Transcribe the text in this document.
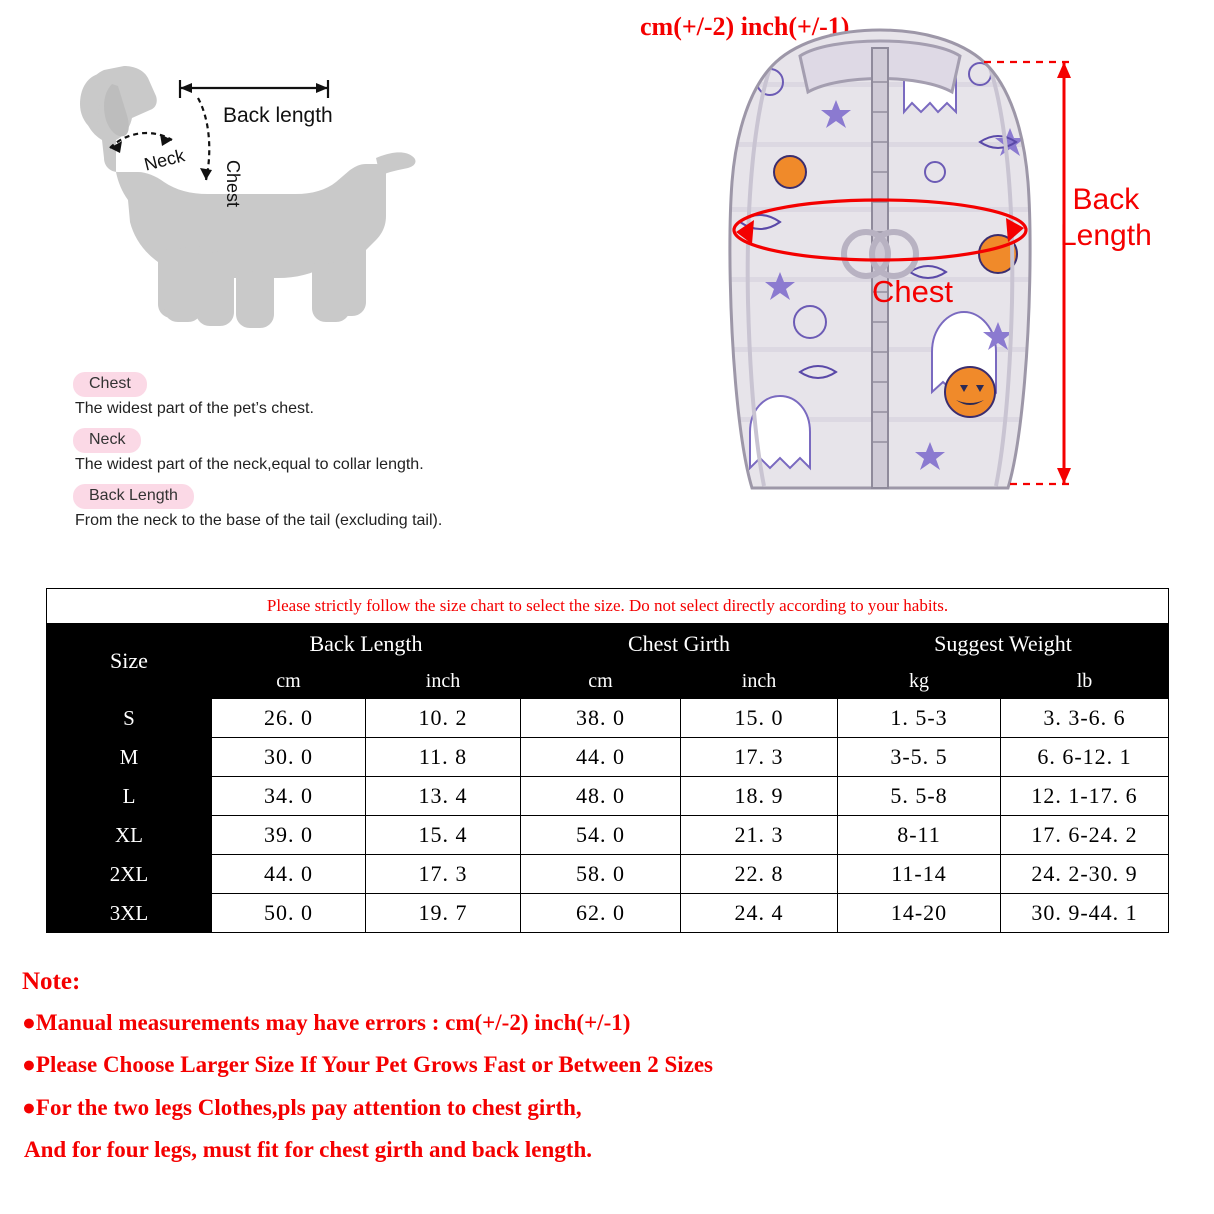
Back length
Neck Chest
Chest
The widest part of the pet’s chest.
Neck
The widest part of the neck,equal to collar length.
Back Length
From the neck to the base of the tail (excluding tail).
Back
Length
Chest
cm(+/-2) inch(+/-1)
Please strictly follow the size chart to select the size. Do not select directly according to your habits.						
Size	Back Length		Chest Girth		Suggest Weight	
	cm	inch	cm	inch	kg	lb
S	26. 0	10. 2	38. 0	15. 0	1. 5-3	3. 3-6. 6
M	30. 0	11. 8	44. 0	17. 3	3-5. 5	6. 6-12. 1
L	34. 0	13. 4	48. 0	18. 9	5. 5-8	12. 1-17. 6
XL	39. 0	15. 4	54. 0	21. 3	8-11	17. 6-24. 2
2XL	44. 0	17. 3	58. 0	22. 8	11-14	24. 2-30. 9
3XL	50. 0	19. 7	62. 0	24. 4	14-20	30. 9-44. 1
Note:
●Manual measurements may have errors : cm(+/-2) inch(+/-1)
●Please Choose Larger Size If Your Pet Grows Fast or Between 2 Sizes
●For the two legs Clothes,pls pay attention to chest girth,
And for four legs, must fit for chest girth and back length.
